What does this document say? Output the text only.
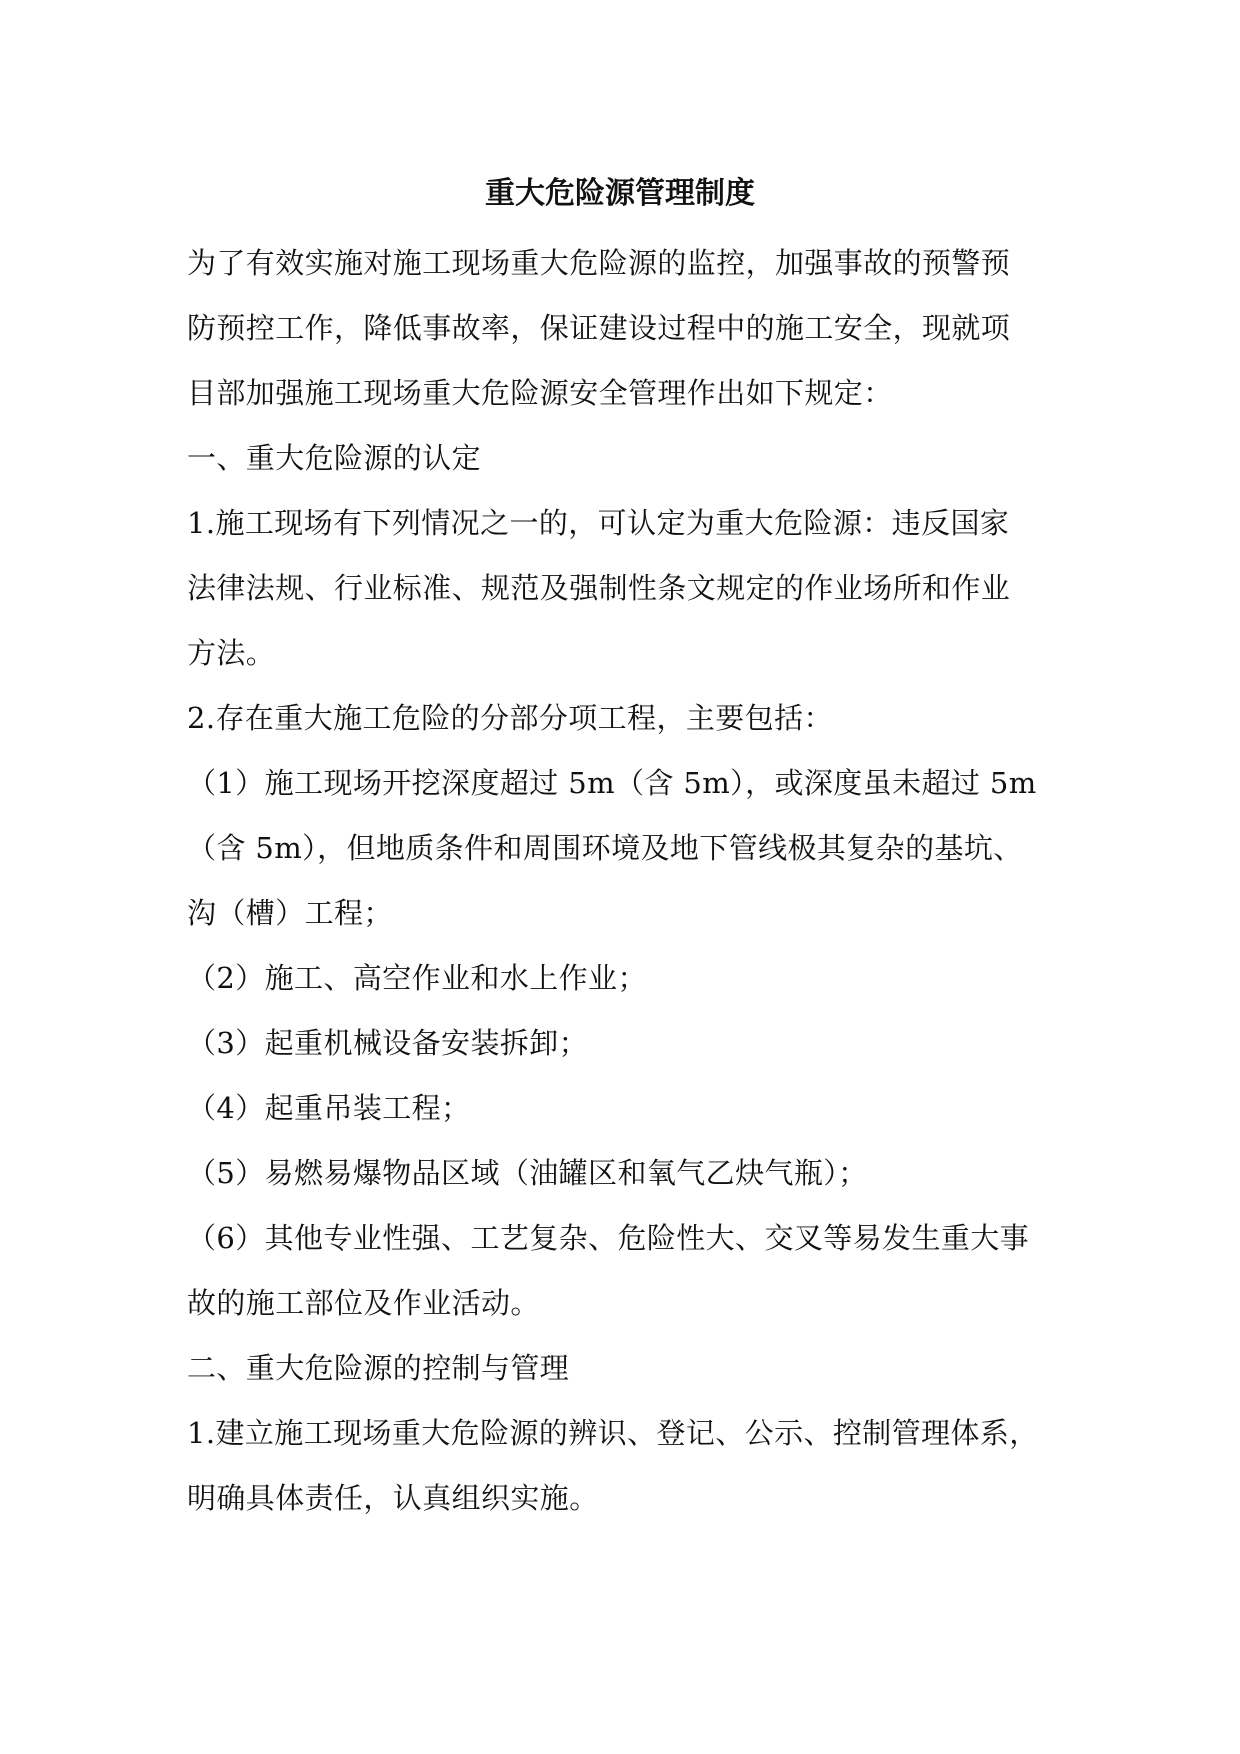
重大危险源管理制度
为了有效实施对施工现场重大危险源的监控，加强事故的预警预
防预控工作，降低事故率，保证建设过程中的施工安全，现就项
目部加强施工现场重大危险源安全管理作出如下规定：
一、重大危险源的认定
1.施工现场有下列情况之一的，可认定为重大危险源：违反国家
法律法规、行业标准、规范及强制性条文规定的作业场所和作业
方法。
2.存在重大施工危险的分部分项工程，主要包括：
（1）施工现场开挖深度超过 5m（含 5m），或深度虽未超过 5m
（含 5m），但地质条件和周围环境及地下管线极其复杂的基坑、
沟（槽）工程；
（2）施工、高空作业和水上作业；
（3）起重机械设备安装拆卸；
（4）起重吊装工程；
（5）易燃易爆物品区域（油罐区和氧气乙炔气瓶）；
（6）其他专业性强、工艺复杂、危险性大、交叉等易发生重大事
故的施工部位及作业活动。
二、重大危险源的控制与管理
1.建立施工现场重大危险源的辨识、登记、公示、控制管理体系，
明确具体责任，认真组织实施。
